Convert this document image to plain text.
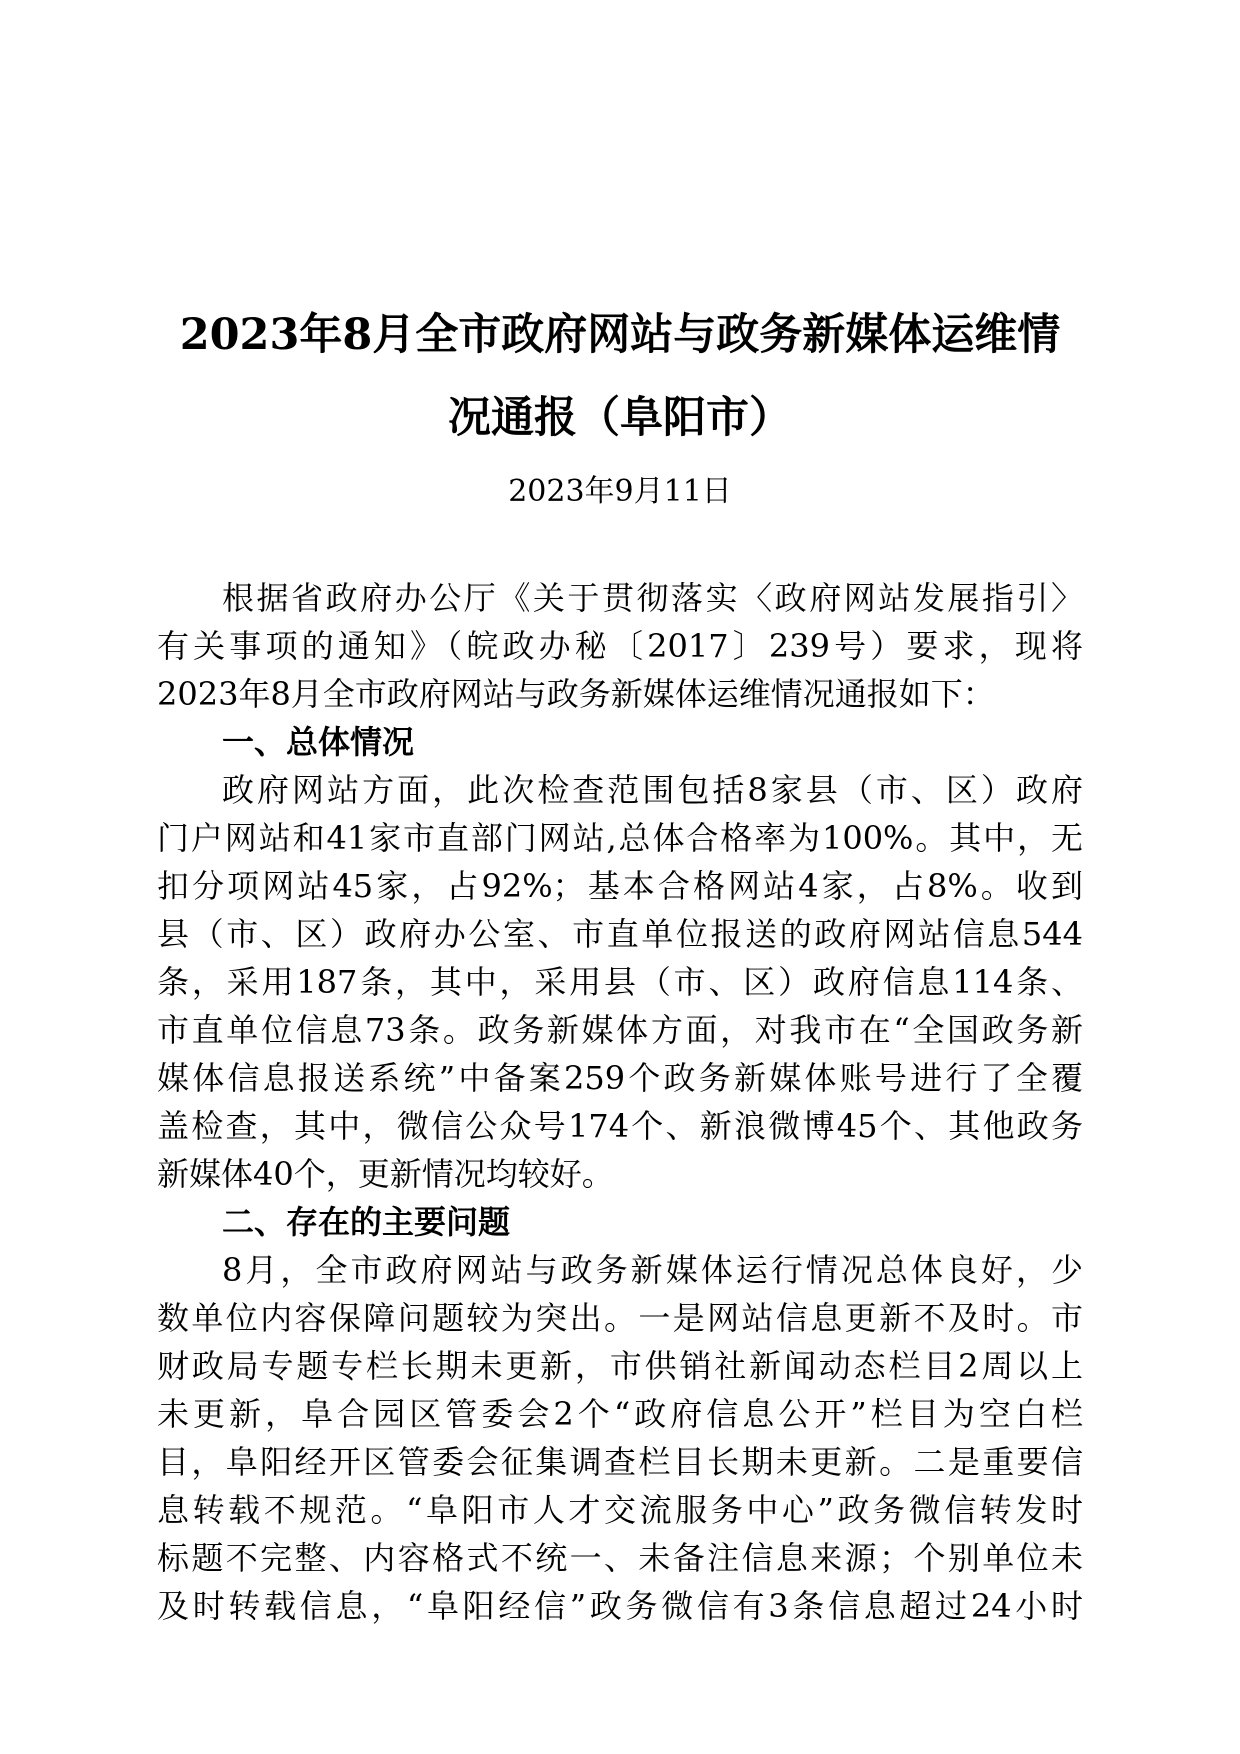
2023年8月全市政府网站与政务新媒体运维情
况通报（阜阳市）
2023年9月11日
根据省政府办公厅《关于贯彻落实〈政府网站发展指引〉
有关事项的通知》（皖政办秘〔2017〕239号）要求，现将
2023年8月全市政府网站与政务新媒体运维情况通报如下：
一、总体情况
政府网站方面，此次检查范围包括8家县（市、区）政府
门户网站和41家市直部门网站,总体合格率为100%。其中，无
扣分项网站45家，占92%；基本合格网站4家，占8%。收到
县（市、区）政府办公室、市直单位报送的政府网站信息544
条，采用187条，其中，采用县（市、区）政府信息114条、
市直单位信息73条。政务新媒体方面，对我市在“全国政务新
媒体信息报送系统”中备案259个政务新媒体账号进行了全覆
盖检查，其中，微信公众号174个、新浪微博45个、其他政务
新媒体40个，更新情况均较好。
二、存在的主要问题
8月，全市政府网站与政务新媒体运行情况总体良好，少
数单位内容保障问题较为突出。一是网站信息更新不及时。市
财政局专题专栏长期未更新，市供销社新闻动态栏目2周以上
未更新，阜合园区管委会2个“政府信息公开”栏目为空白栏
目，阜阳经开区管委会征集调查栏目长期未更新。二是重要信
息转载不规范。“阜阳市人才交流服务中心”政务微信转发时
标题不完整、内容格式不统一、未备注信息来源；个别单位未
及时转载信息，“阜阳经信”政务微信有3条信息超过24小时
